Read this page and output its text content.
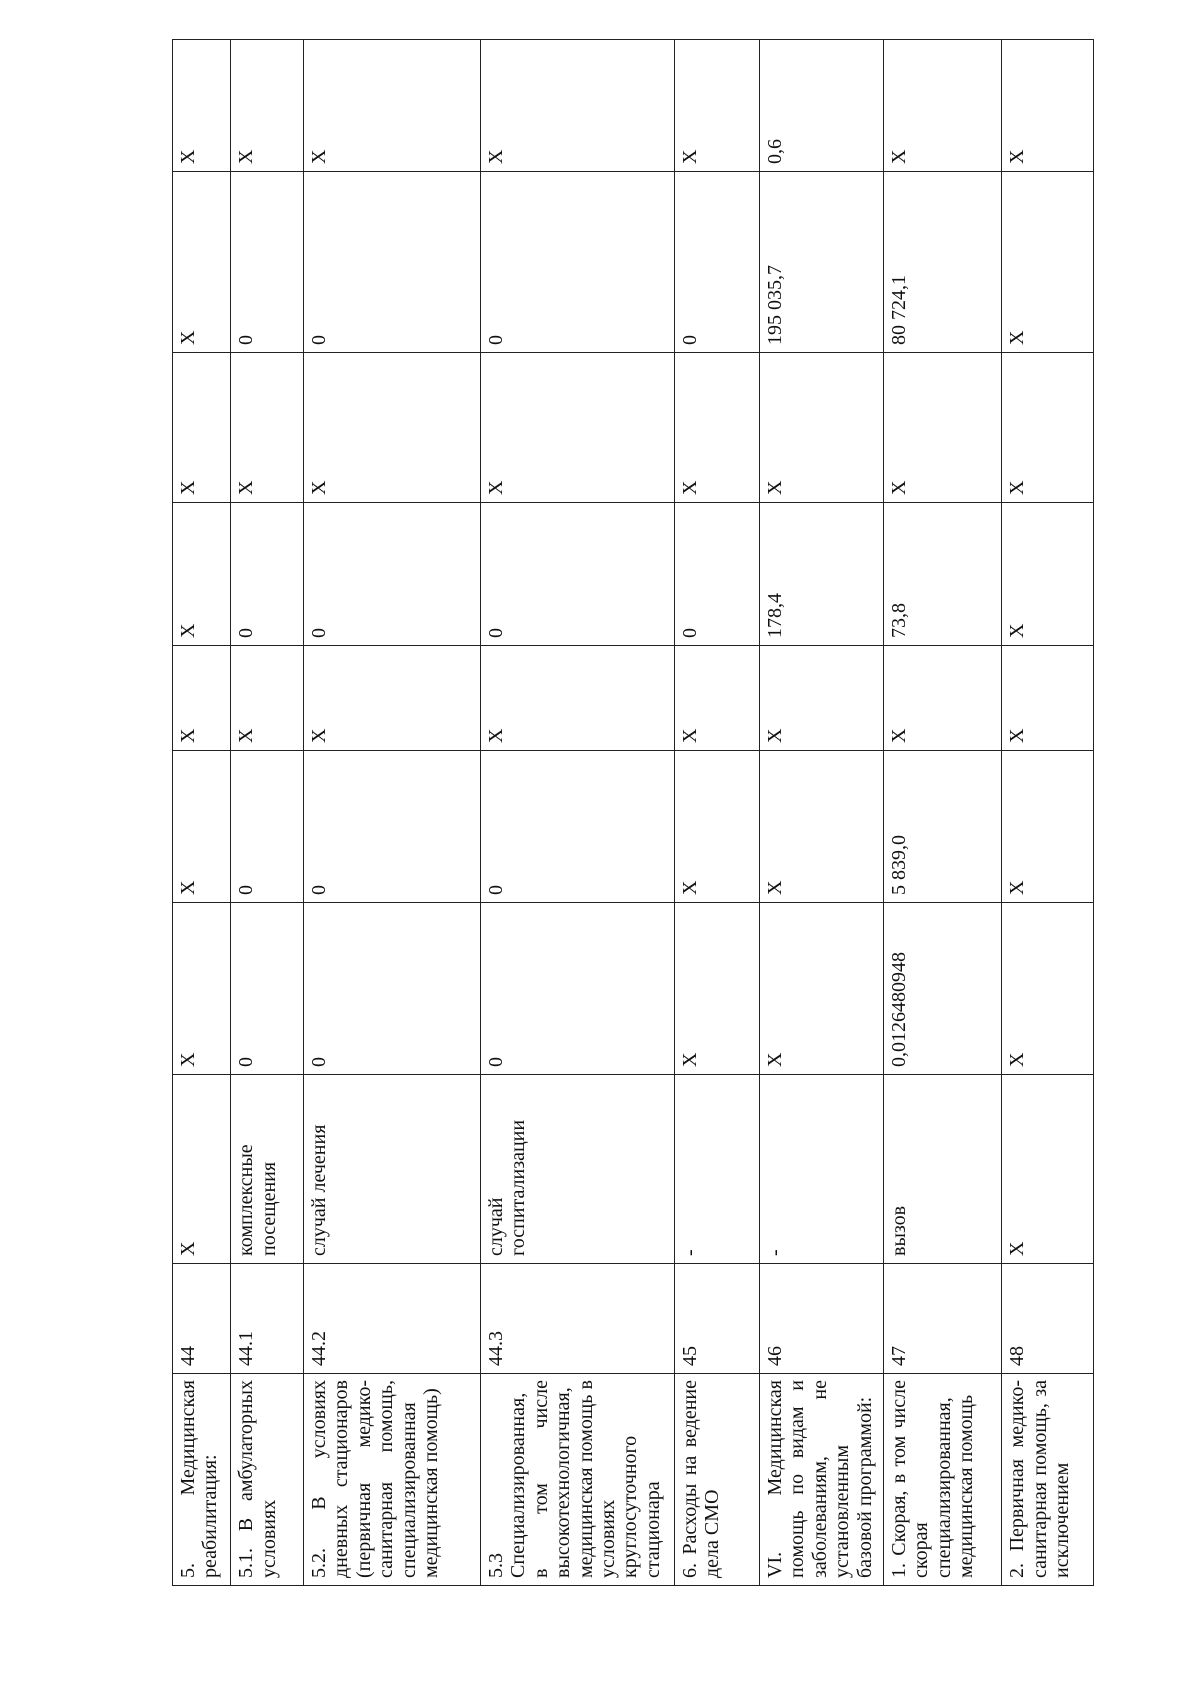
5. Медицинская реабилитация:	44	X	X	X	X	X	X	X	X
5.1. В амбулаторных условиях	44.1	комплексные посещения	0	0	X	0	X	0	X
5.2. В условиях дневных стационаров (первичная медико-санитарная помощь, специализированная медицинская помощь)	44.2	случай лечения	0	0	X	0	X	0	X
5.3 Специализированная, в том числе высокотехнологичная, медицинская помощь в условиях круглосуточного стационара	44.3	случай госпитализации	0	0	X	0	X	0	X
6. Расходы на ведение дела СМО	45	-	X	X	X	0	X	0	X
VI. Медицинская помощь по видам и заболеваниям, не установленным базовой программой:	46	-	X	X	X	178,4	X	195 035,7	0,6
1. Скорая, в том числе скорая специализированная, медицинская помощь	47	вызов	0,0126480948	5 839,0	X	73,8	X	80 724,1	X
2. Первичная медико-санитарная помощь, за исключением	48	X	X	X	X	X	X	X	X
